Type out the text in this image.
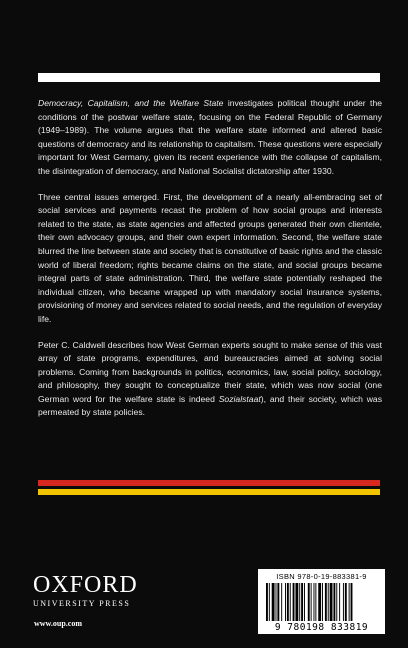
Democracy, Capitalism, and the Welfare State investigates political thought under the conditions of the postwar welfare state, focusing on the Federal Republic of Germany (1949–1989). The volume argues that the welfare state informed and altered basic questions of democracy and its relationship to capitalism. These questions were especially important for West Germany, given its recent experience with the collapse of capitalism, the disintegration of democracy, and National Socialist dictatorship after 1930.

Three central issues emerged. First, the development of a nearly all-embracing set of social services and payments recast the problem of how social groups and interests related to the state, as state agencies and affected groups generated their own clientele, their own advocacy groups, and their own expert information. Second, the welfare state blurred the line between state and society that is constitutive of basic rights and the classic world of liberal freedom; rights became claims on the state, and social groups became integral parts of state administration. Third, the welfare state potentially reshaped the individual citizen, who became wrapped up with mandatory social insurance systems, provisioning of money and services related to social needs, and the regulation of everyday life.

Peter C. Caldwell describes how West German experts sought to make sense of this vast array of state programs, expenditures, and bureaucracies aimed at solving social problems. Coming from backgrounds in politics, economics, law, social policy, sociology, and philosophy, they sought to conceptualize their state, which was now social (one German word for the welfare state is indeed Sozialstaat), and their society, which was permeated by state policies.

OXFORD
UNIVERSITY PRESS
www.oup.com
ISBN 978-0-19-883381-9
9 780198 833819
